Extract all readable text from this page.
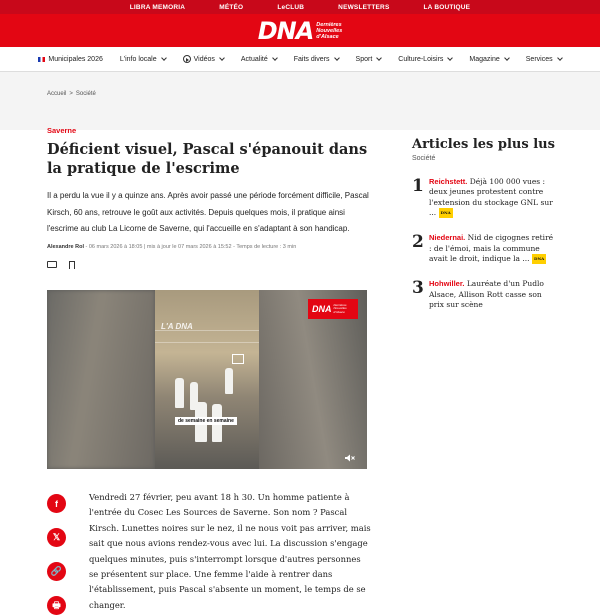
LIBRA MEMORIA	MÉTÉO	LeCLUB	NEWSLETTERS	LA BOUTIQUE
DNA Dernières
Nouvelles
d'Alsace
Municipales 2026 L'info locale	Vidéos	Actualité	Faits divers	Sport	Culture-Loisirs	Magazine	Services
Accueil > Société
Saverne
Déficient visuel, Pascal s'épanouit dans la pratique de l'escrime

Il a perdu la vue il y a quinze ans. Après avoir passé une période forcément difficile, Pascal Kirsch, 60 ans, retrouve le goût aux activités. Depuis quelques mois, il pratique ainsi l'escrime au club La Licorne de Saverne, qui l'accueille en s'adaptant à son handicap.

Alexandre Rol - 06 mars 2026 à 18:05 | mis à jour le 07 mars 2026 à 15:52 - Temps de lecture : 3 min
L'A DNA
DNA Dernières
Nouvelles
d'Alsace
de semaine en semaine
f
𝕏
🔗
🖶

Vendredi 27 février, peu avant 18 h 30. Un homme patiente à l'entrée du Cosec Les Sources de Saverne. Son nom ? Pascal Kirsch. Lunettes noires sur le nez, il ne nous voit pas arriver, mais sait que nous avions rendez-vous avec lui. La discussion s'engage quelques minutes, puis s'interrompt lorsque d'autres personnes se présentent sur place. Une femme l'aide à rentrer dans l'établissement, puis Pascal s'absente un moment, le temps de se changer.

Articles les plus lus
Société
1 Reichstett. Déjà 100 000 vues : deux jeunes protestent contre l'extension du stockage GNL sur ... DNA
2 Niedernai. Nid de cigognes retiré : de l'émoi, mais la commune avait le droit, indique la ... DNA
3 Hohwiller. Lauréate d'un Pudlo Alsace, Allison Rott casse son prix sur scène
